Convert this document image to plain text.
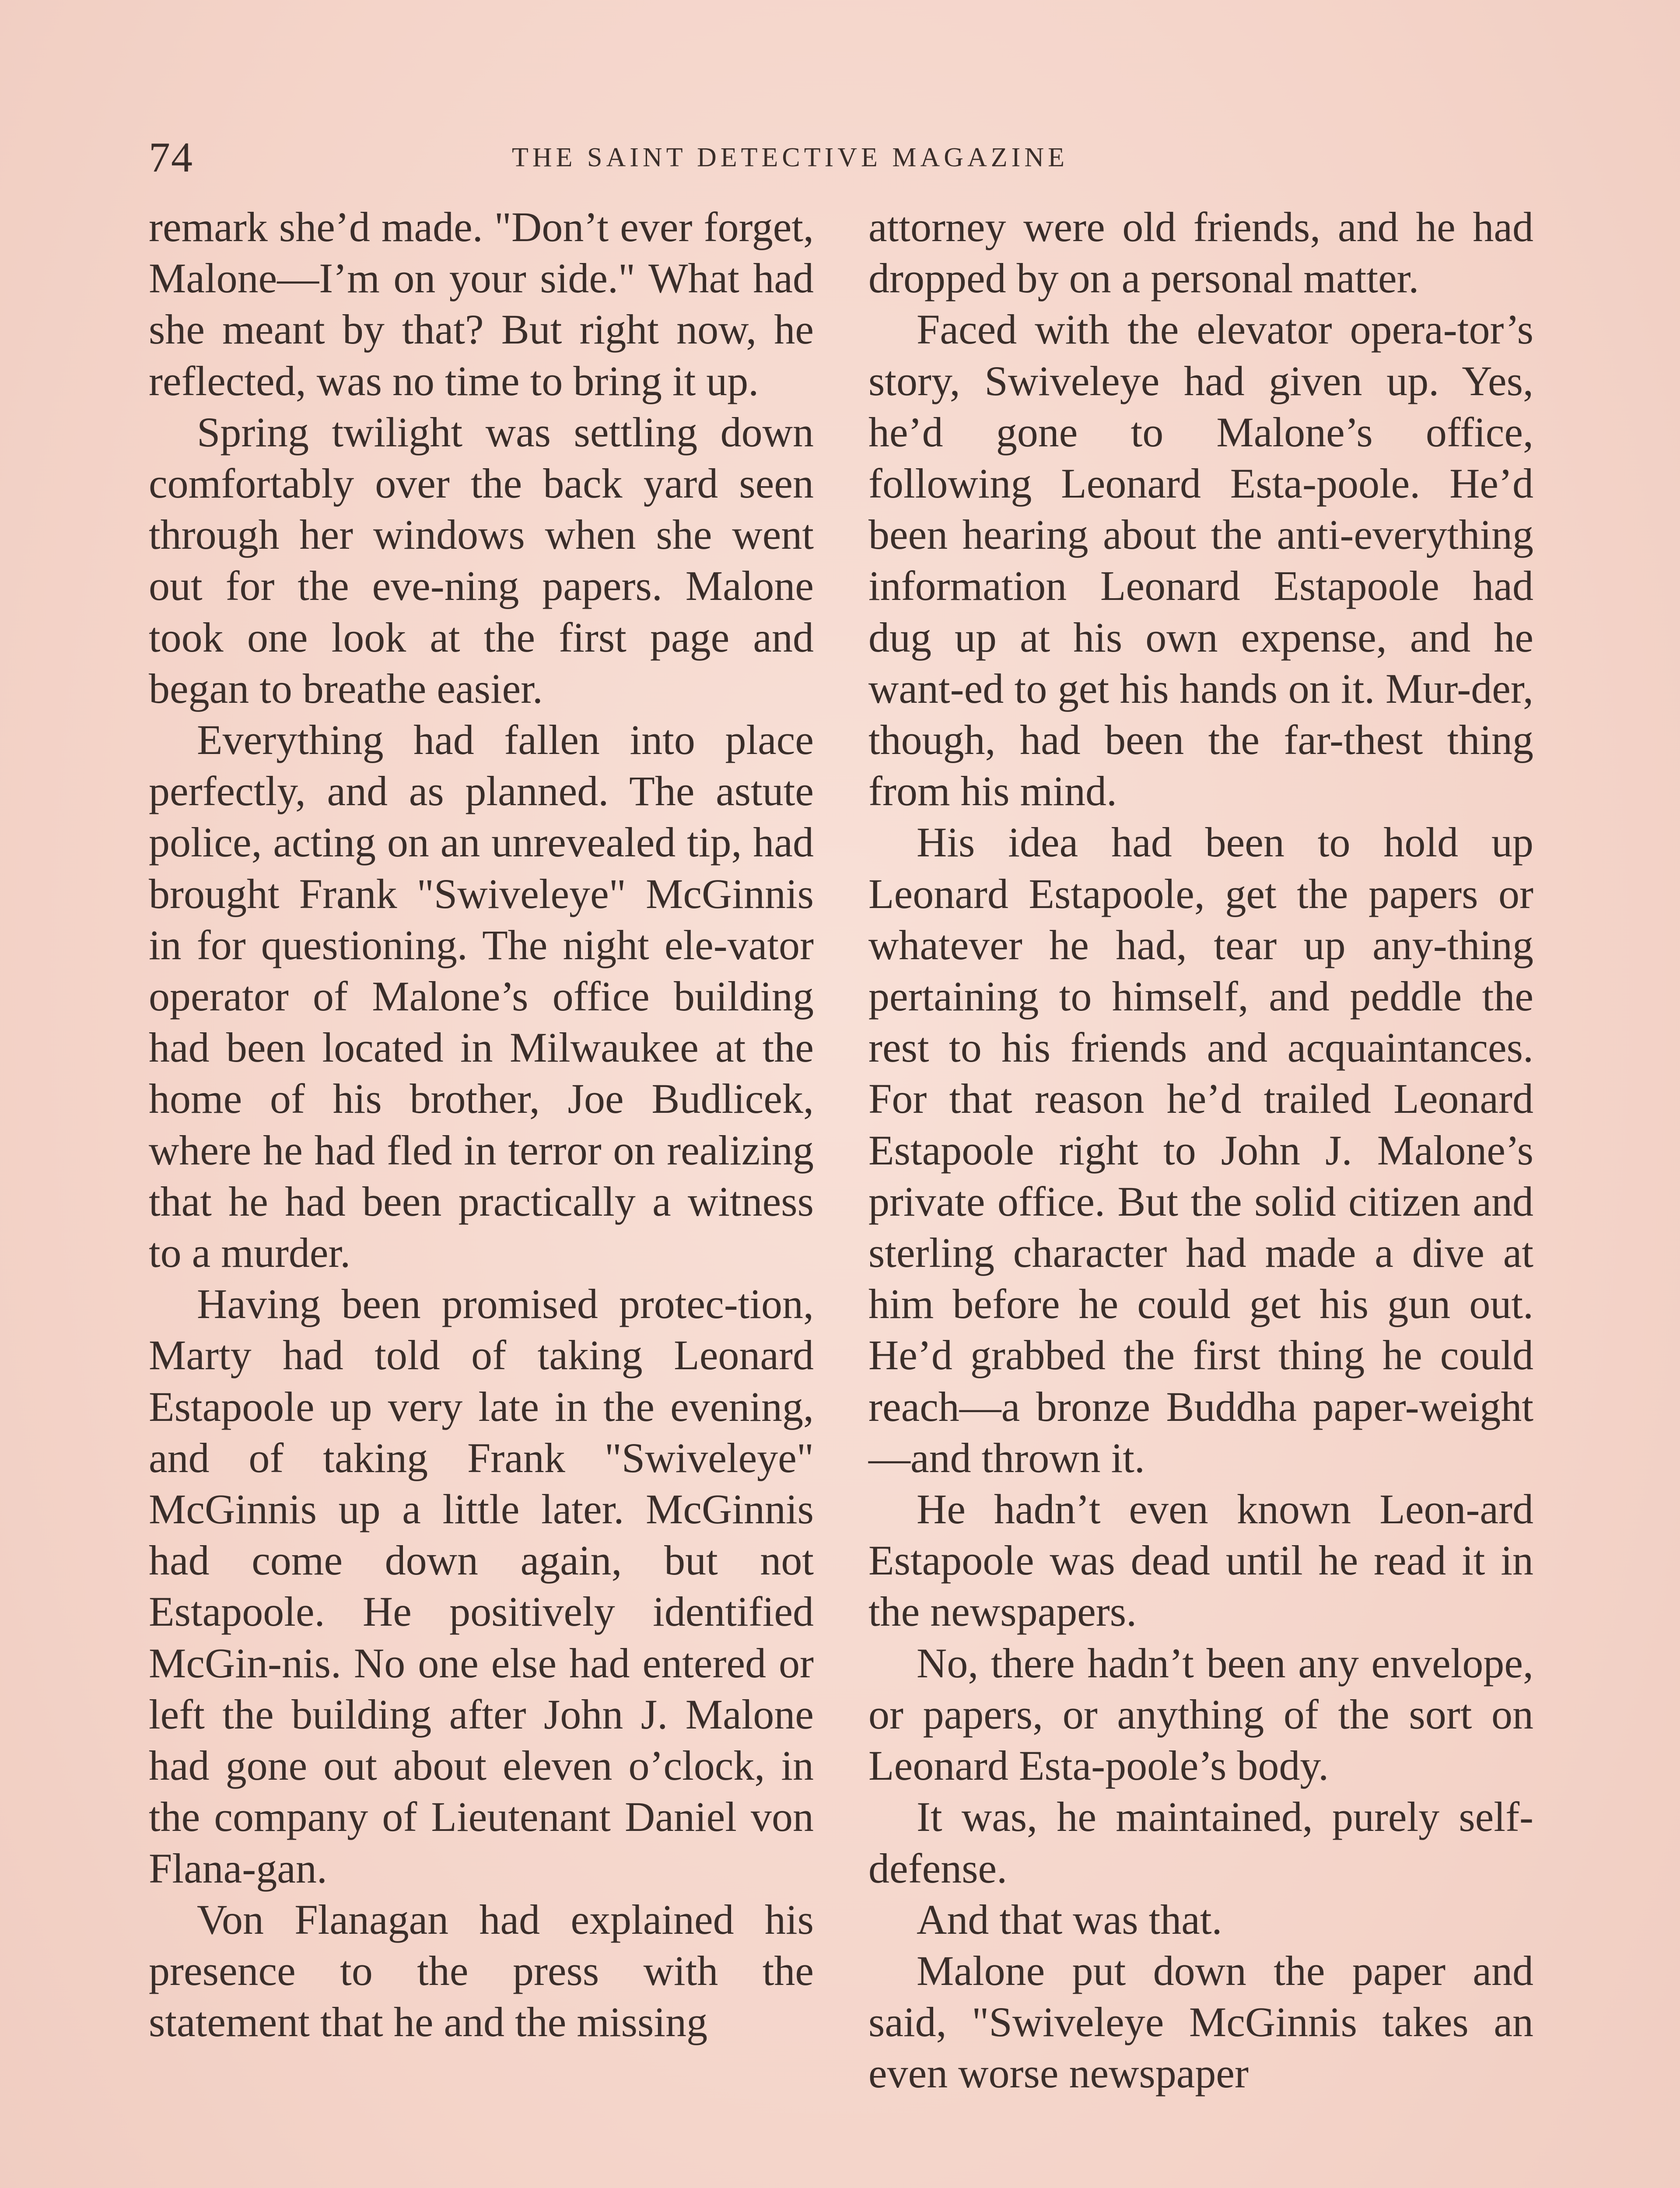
74	THE SAINT DETECTIVE MAGAZINE

remark she’d made. "Don’t ever forget, Malone—I’m on your side." What had she meant by that? But right now, he reflected, was no time to bring it up.

Spring twilight was settling down comfortably over the back yard seen through her windows when she went out for the eve-ning papers. Malone took one look at the first page and began to breathe easier.

Everything had fallen into place perfectly, and as planned. The astute police, acting on an unrevealed tip, had brought Frank "Swiveleye" McGinnis in for questioning. The night ele-vator operator of Malone’s office building had been located in Milwaukee at the home of his brother, Joe Budlicek, where he had fled in terror on realizing that he had been practically a witness to a murder.

Having been promised protec-tion, Marty had told of taking Leonard Estapoole up very late in the evening, and of taking Frank "Swiveleye" McGinnis up a little later. McGinnis had come down again, but not Estapoole. He positively identified McGin-nis. No one else had entered or left the building after John J. Malone had gone out about eleven o’clock, in the company of Lieutenant Daniel von Flana-gan.

Von Flanagan had explained his presence to the press with the statement that he and the missing

attorney were old friends, and he had dropped by on a personal matter.

Faced with the elevator opera-tor’s story, Swiveleye had given up. Yes, he’d gone to Malone’s office, following Leonard Esta-poole. He’d been hearing about the anti-everything information Leonard Estapoole had dug up at his own expense, and he want-ed to get his hands on it. Mur-der, though, had been the far-thest thing from his mind.

His idea had been to hold up Leonard Estapoole, get the papers or whatever he had, tear up any-thing pertaining to himself, and peddle the rest to his friends and acquaintances. For that reason he’d trailed Leonard Estapoole right to John J. Malone’s private office. But the solid citizen and sterling character had made a dive at him before he could get his gun out. He’d grabbed the first thing he could reach—a bronze Buddha paper-weight—and thrown it.

He hadn’t even known Leon-ard Estapoole was dead until he read it in the newspapers.

No, there hadn’t been any envelope, or papers, or anything of the sort on Leonard Esta-poole’s body.

It was, he maintained, purely self-defense.

And that was that.

Malone put down the paper and said, "Swiveleye McGinnis takes an even worse newspaper
